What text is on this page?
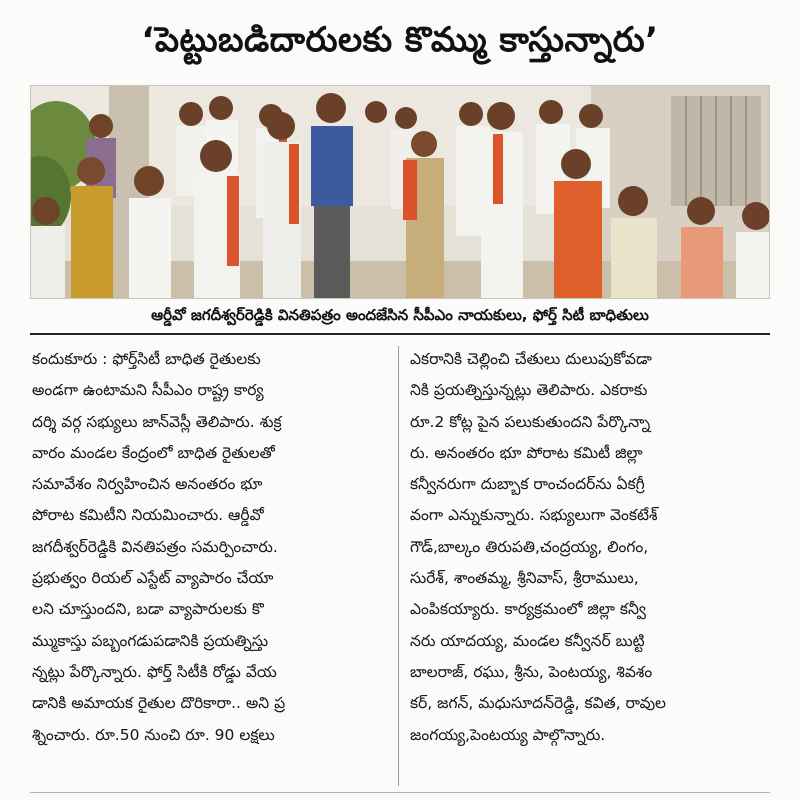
‘పెట్టుబడిదారులకు కొమ్ము కాస్తున్నారు’
ఆర్డీవో జగదీశ్వర్‌రెడ్డికి వినతిపత్రం అందజేసిన సీపీఎం నాయకులు, ఫోర్త్ సిటీ బాధితులు
కందుకూరు : ఫోర్త్‌సిటీ బాధిత రైతులకు
అండగా ఉంటామని సీపీఎం రాష్ట్ర కార్య
దర్శి వర్గ సభ్యులు జాన్‌వెస్లీ తెలిపారు. శుక్ర
వారం మండల కేంద్రంలో బాధిత రైతులతో
సమావేశం నిర్వహించిన అనంతరం భూ
పోరాట కమిటీని నియమించారు. ఆర్డీవో
జగదీశ్వర్‌రెడ్డికి వినతిపత్రం సమర్పించారు.
ప్రభుత్వం రియల్ ఎస్టేట్ వ్యాపారం చేయా
లని చూస్తుందని, బడా వ్యాపారులకు కొ
మ్ముకాస్తు పబ్బంగడుపడానికి ప్రయత్నిస్తు
న్నట్లు పేర్కొన్నారు. ఫోర్త్ సిటీకి రోడ్డు వేయ
డానికి అమాయక రైతుల దొరికారా.. అని ప్ర
శ్నించారు. రూ.50 నుంచి రూ. 90 లక్షలు
ఎకరానికి చెల్లించి చేతులు దులుపుకోవడా
నికి ప్రయత్నిస్తున్నట్లు తెలిపారు. ఎకరాకు
రూ.2 కోట్ల పైన పలుకుతుందని పేర్కొన్నా
రు. అనంతరం భూ పోరాట కమిటీ జిల్లా
కన్వీనరుగా దుబ్బాక రాంచందర్‌ను ఏకగ్రీ
వంగా ఎన్నుకున్నారు. సభ్యులుగా వెంకటేశ్
గౌడ్,బాల్కం తిరుపతి,చంద్రయ్య, లింగం,
సురేశ్, శాంతమ్మ, శ్రీనివాస్, శ్రీరాములు,
ఎంపికయ్యారు. కార్యక్రమంలో జిల్లా కన్వీ
నరు యాదయ్య, మండల కన్వీనర్ బుట్టి
బాలరాజ్, రఘు, శ్రీను, పెంటయ్య, శివశం
కర్, జగన్, మధుసూదన్‌రెడ్డి, కవిత, రావుల
జంగయ్య,పెంటయ్య పాల్గొన్నారు.
